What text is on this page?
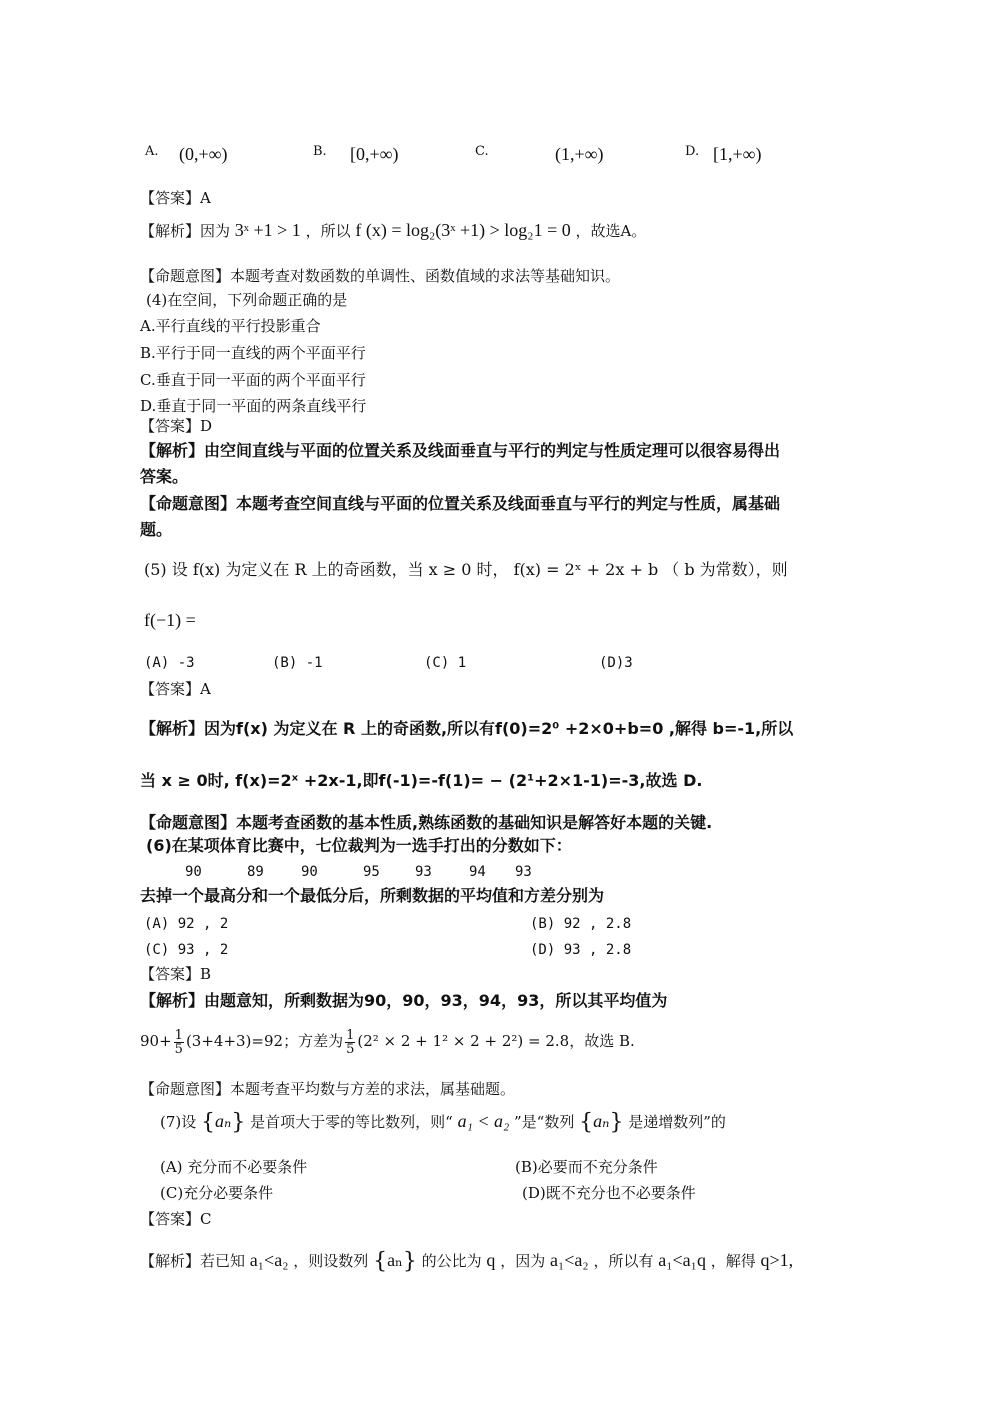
A. (0,+∞)	B. [0,+∞)	C.	(1,+∞)	D. [1,+∞)
【答案】A
【解析】因为 3ˣ +1 > 1 ，所以 f (x) = log₂(3ˣ +1) > log₂1 = 0 ，故选A。
【命题意图】本题考查对数函数的单调性、函数值域的求法等基础知识。
(4)在空间，下列命题正确的是
A.平行直线的平行投影重合
B.平行于同一直线的两个平面平行
C.垂直于同一平面的两个平面平行
D.垂直于同一平面的两条直线平行
【答案】D
【解析】由空间直线与平面的位置关系及线面垂直与平行的判定与性质定理可以很容易得出
答案。
【命题意图】本题考查空间直线与平面的位置关系及线面垂直与平行的判定与性质，属基础
题。
(5) 设 f(x) 为定义在 R 上的奇函数，当 x ≥ 0 时， f(x) = 2ˣ + 2x + b （ b 为常数），则
f(−1) =
(A) -3	(B) -1	(C) 1	(D)3
【答案】A
【解析】因为f(x) 为定义在 R 上的奇函数,所以有f(0)=2⁰ +2×0+b=0 ,解得 b=-1,所以
当 x ≥ 0时, f(x)=2ˣ +2x-1,即f(-1)=-f(1)= − (2¹+2×1-1)=-3,故选 D.
【命题意图】本题考查函数的基本性质,熟练函数的基础知识是解答好本题的关键.
(6)在某项体育比赛中，七位裁判为一选手打出的分数如下：
90	89	90	95	93	94 93
去掉一个最高分和一个最低分后，所剩数据的平均值和方差分别为
(A) 92 , 2	(B) 92 , 2.8
(C) 93 , 2	(D) 93 , 2.8
【答案】B
【解析】由题意知，所剩数据为90，90，93，94，93，所以其平均值为
$90+ \frac{1}{5} (3+4+3)=92$；方差为 $\frac{1}{5} (2^2 \times 2 + 1^2 \times 2 + 2^2) = 2.8$，故选 B.
【命题意图】本题考查平均数与方差的求法，属基础题。
(7)设 {aₙ} 是首项大于零的等比数列，则“ a₁ < a₂ ”是“数列 {aₙ} 是递增数列”的
(A) 充分而不必要条件	(B)必要而不充分条件
(C)充分必要条件	(D)既不充分也不必要条件
【答案】C
【解析】若已知 a₁<a₂ ，则设数列 {aₙ} 的公比为 q ，因为 a₁<a₂ ，所以有 a₁<a₁q ，解得 q>1,
